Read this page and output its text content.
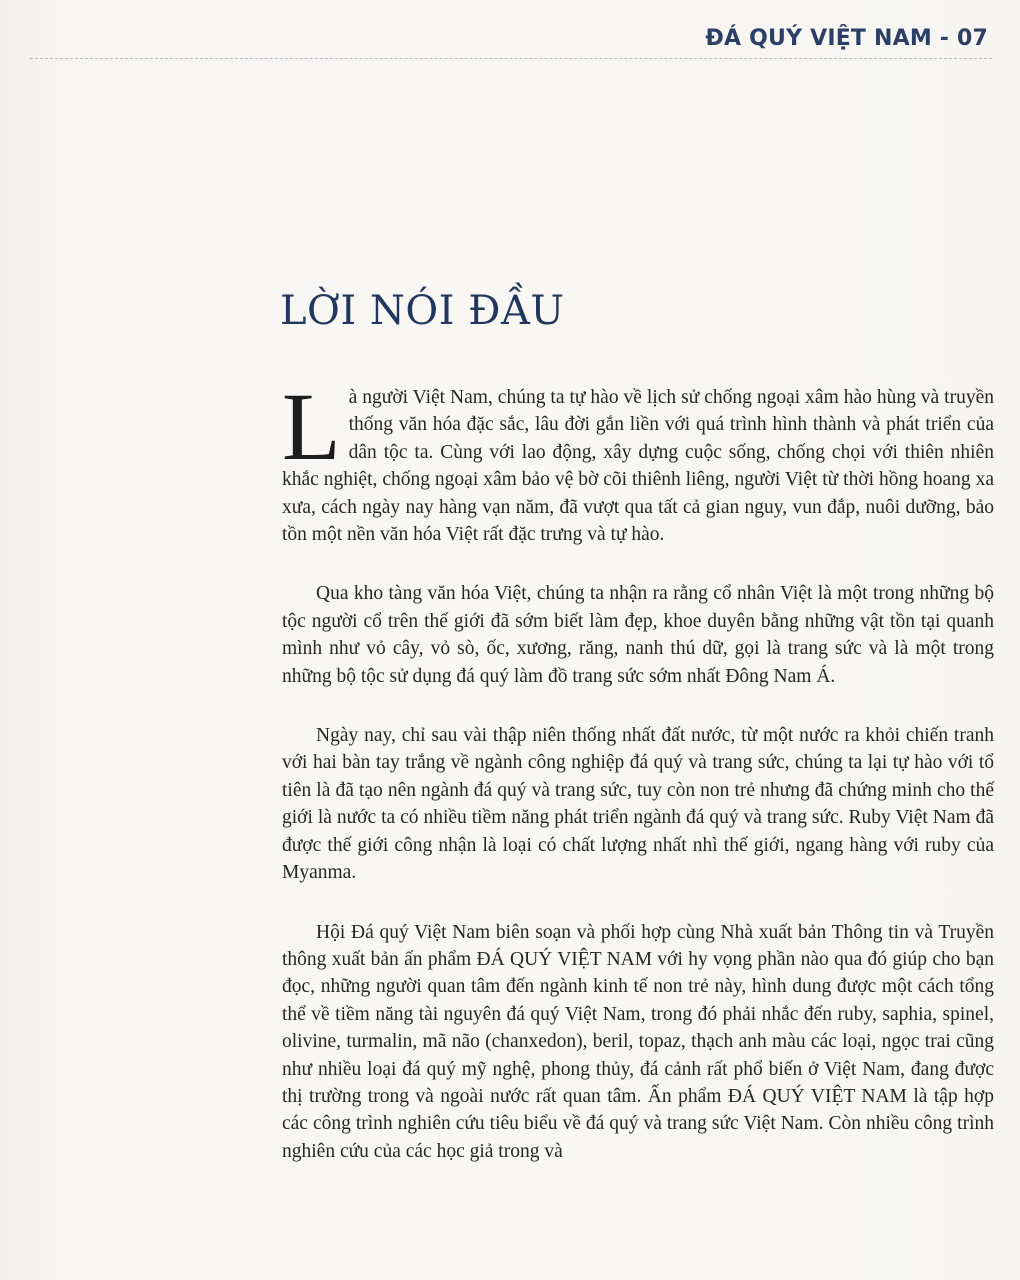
ĐÁ QUÝ VIỆT NAM - 07
LỜI NÓI ĐẦU

Là người Việt Nam, chúng ta tự hào về lịch sử chống ngoại xâm hào hùng và truyền thống văn hóa đặc sắc, lâu đời gắn liền với quá trình hình thành và phát triển của dân tộc ta. Cùng với lao động, xây dựng cuộc sống, chống chọi với thiên nhiên khắc nghiệt, chống ngoại xâm bảo vệ bờ cõi thiênh liêng, người Việt từ thời hồng hoang xa xưa, cách ngày nay hàng vạn năm, đã vượt qua tất cả gian nguy, vun đắp, nuôi dưỡng, bảo tồn một nền văn hóa Việt rất đặc trưng và tự hào.

Qua kho tàng văn hóa Việt, chúng ta nhận ra rằng cổ nhân Việt là một trong những bộ tộc người cổ trên thế giới đã sớm biết làm đẹp, khoe duyên bằng những vật tồn tại quanh mình như vỏ cây, vỏ sò, ốc, xương, răng, nanh thú dữ, gọi là trang sức và là một trong những bộ tộc sử dụng đá quý làm đồ trang sức sớm nhất Đông Nam Á.

Ngày nay, chỉ sau vài thập niên thống nhất đất nước, từ một nước ra khỏi chiến tranh với hai bàn tay trắng về ngành công nghiệp đá quý và trang sức, chúng ta lại tự hào với tổ tiên là đã tạo nên ngành đá quý và trang sức, tuy còn non trẻ nhưng đã chứng minh cho thế giới là nước ta có nhiều tiềm năng phát triển ngành đá quý và trang sức. Ruby Việt Nam đã được thế giới công nhận là loại có chất lượng nhất nhì thế giới, ngang hàng với ruby của Myanma.

Hội Đá quý Việt Nam biên soạn và phối hợp cùng Nhà xuất bản Thông tin và Truyền thông xuất bản ấn phẩm ĐÁ QUÝ VIỆT NAM với hy vọng phần nào qua đó giúp cho bạn đọc, những người quan tâm đến ngành kinh tế non trẻ này, hình dung được một cách tổng thể về tiềm năng tài nguyên đá quý Việt Nam, trong đó phải nhắc đến ruby, saphia, spinel, olivine, turmalin, mã não (chanxedon), beril, topaz, thạch anh màu các loại, ngọc trai cũng như nhiều loại đá quý mỹ nghệ, phong thủy, đá cảnh rất phổ biến ở Việt Nam, đang được thị trường trong và ngoài nước rất quan tâm. Ấn phẩm ĐÁ QUÝ VIỆT NAM là tập hợp các công trình nghiên cứu tiêu biểu về đá quý và trang sức Việt Nam. Còn nhiều công trình nghiên cứu của các học giả trong và
